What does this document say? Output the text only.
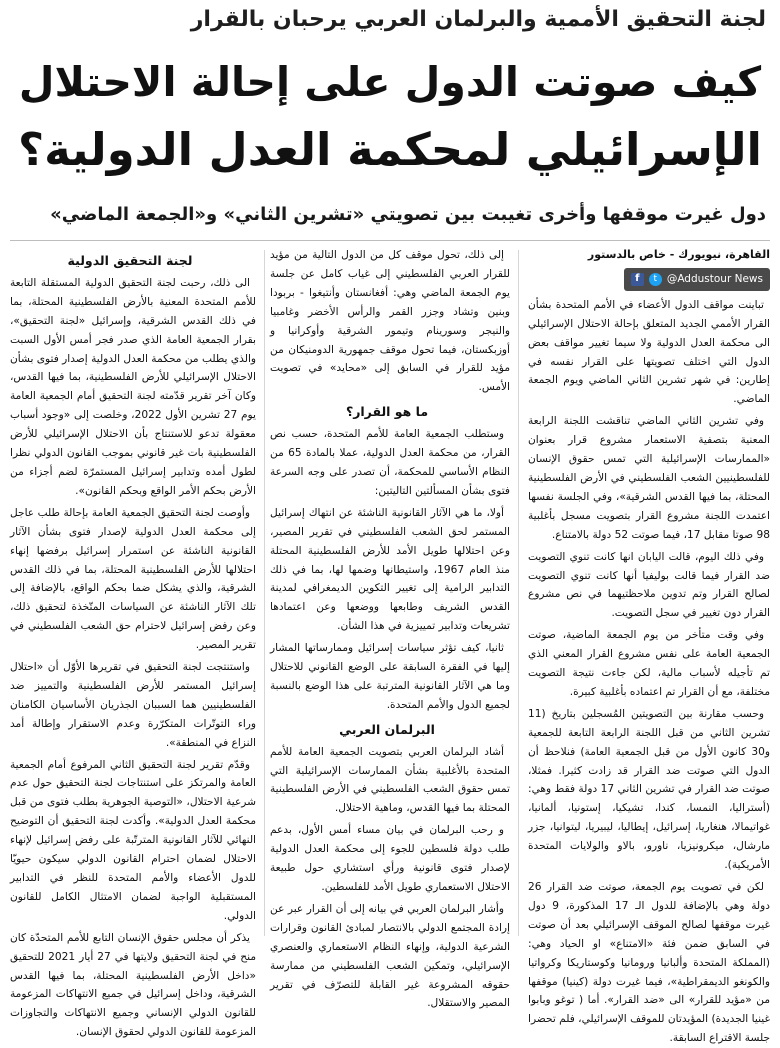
لجنة التحقيق الأممية والبرلمان العربي يرحبان بالقرار
كيف صوتت الدول على إحالة الاحتلال
الإسرائيلي لمحكمة العدل الدولية؟
دول غيرت موقفها وأخرى تغيبت بين تصويتي «تشرين الثاني» و«الجمعة الماضي»

القاهرة، نيويورك - خاص بالدستور

f	t @Addustour News

تباينت مواقف الدول الأعضاء في الأمم المتحدة بشأن القرار الأممي الجديد المتعلق بإحالة الاحتلال الإسرائيلي الى محكمة العدل الدولية ولا سيما تغيير مواقف بعض الدول التي اختلف تصويتها على القرار نفسه في إطارين: في شهر تشرين الثاني الماضي ويوم الجمعة الماضي.

وفي تشرين الثاني الماضي تناقشت اللجنة الرابعة المعنية بتصفية الاستعمار مشروع قرار بعنوان «الممارسات الإسرائيلية التي تمس حقوق الإنسان للفلسطينيين الشعب الفلسطيني في الأرض الفلسطينية المحتلة، بما فيها القدس الشرقية»، وفي الجلسة نفسها اعتمدت اللجنة مشروع القرار بتصويت مسجل بأغلبية 98 صوتا مقابل 17، فيما صوتت 52 دولة بالامتناع.

وفي ذلك اليوم، قالت اليابان انها كانت تنوي التصويت ضد القرار فيما قالت بوليفيا أنها كانت تنوي التصويت لصالح القرار وتم تدوين ملاحظتيهما في نص مشروع القرار دون تغيير في سجل التصويت.

وفي وقت متأخر من يوم الجمعة الماضية، صوتت الجمعية العامة على نفس مشروع القرار المعني الذي تم تأجيله لأسباب مالية، لكن جاءت نتيجة التصويت مختلفة، مع أن القرار تم اعتماده بأغلبية كبيرة.

وحسب مقارنة بين التصويتين المُسجلين بتاريخ (11 تشرين الثاني من قبل اللجنة الرابعة التابعة للجمعية و30 كانون الأول من قبل الجمعية العامة) فنلاحظ أن الدول التي صوتت ضد القرار قد زادت كثيرا. فمثلا، صوتت ضد القرار في تشرين الثاني 17 دولة فقط وهي: (أستراليا، النمسا، كندا، تشيكيا، إستونيا، ألمانيا، غواتيمالا، هنغاريا، إسرائيل، إيطاليا، ليبيريا، ليتوانيا، جزر مارشال، ميكرونيزيا، ناورو، بالاو والولايات المتحدة الأمريكية).

لكن في تصويت يوم الجمعة، صوتت ضد القرار 26 دولة وهي بالإضافة للدول الـ 17 المذكورة، 9 دول غيرت موقفها لصالح الموقف الإسرائيلي بعد أن صوتت في السابق ضمن فئة «الامتناع» او الحياد وهي: (المملكة المتحدة وألبانيا ورومانيا وكوستاريكا وكرواتيا والكونغو الديمقراطية»، فيما غيرت دولة (كينيا) موقفها من «مؤيد للقرار» الى «ضد القرار». أما ( توغو وبابوا غينيا الجديدة) المؤيدتان للموقف الإسرائيلي، فلم تحضرا جلسة الاقتراع السابقة.

إلى ذلك، تحول موقف كل من الدول التالية من مؤيد للقرار العربي الفلسطيني إلى غياب كامل عن جلسة يوم الجمعة الماضي وهي: أفغانستان وأنتيغوا - بربودا وبنين وتشاد وجزر القمر والرأس الأخضر وغامبيا والنيجر وسورينام وتيمور الشرقية وأوكرانيا و أوزبكستان، فيما تحول موقف جمهورية الدومنيكان من مؤيد للقرار في السابق إلى «محايد» في تصويت الأمس.

ما هو القرار؟

وستطلب الجمعية العامة للأمم المتحدة، حسب نص القرار، من محكمة العدل الدولية، عملا بالمادة 65 من النظام الأساسي للمحكمة، أن تصدر على وجه السرعة فتوى بشأن المسألتين التاليتين:

أولا، ما هي الآثار القانونية الناشئة عن انتهاك إسرائيل المستمر لحق الشعب الفلسطيني في تقرير المصير، وعن احتلالها طويل الأمد للأرض الفلسطينية المحتلة منذ العام 1967، واستيطانها وضمها لها، بما في ذلك التدابير الرامية إلى تغيير التكوين الديمغرافي لمدينة القدس الشريف وطابعها ووضعها وعن اعتمادها تشريعات وتدابير تمييزية في هذا الشأن.

ثانيا، كيف تؤثر سياسات إسرائيل وممارساتها المشار إليها في الفقرة السابقة على الوضع القانوني للاحتلال وما هي الآثار القانونية المترتبة على هذا الوضع بالنسبة لجميع الدول والأمم المتحدة.

البرلمان العربي

أشاد البرلمان العربي بتصويت الجمعية العامة للأمم المتحدة بالأغلبية بشأن الممارسات الإسرائيلية التي تمس حقوق الشعب الفلسطيني في الأرض الفلسطينية المحتلة بما فيها القدس، وماهية الاحتلال.

و رحب البرلمان في بيان مساء أمس الأول، بدعم طلب دولة فلسطين للجوء إلى محكمة العدل الدولية لإصدار فتوى قانونية ورأي استشاري حول طبيعة الاحتلال الاستعماري طويل الأمد للفلسطين.

وأشار البرلمان العربي في بيانه إلى أن القرار عبر عن إرادة المجتمع الدولي بالانتصار لمبادئ القانون وقرارات الشرعية الدولية، وإنهاء النظام الاستعماري والعنصري الإسرائيلي، وتمكين الشعب الفلسطيني من ممارسة حقوقه المشروعة غير القابلة للتصرّف في تقرير المصير والاستقلال.

لجنة التحقيق الدولية

الى ذلك، رحبت لجنة التحقيق الدولية المستقلة التابعة للأمم المتحدة المعنية بالأرض الفلسطينية المحتلة، بما في ذلك القدس الشرقية، وإسرائيل «لجنة التحقيق»، بقرار الجمعية العامة الذي صدر فجر أمس الأول السبت والذي يطلب من محكمة العدل الدولية إصدار فتوى بشأن الاحتلال الإسرائيلي للأرض الفلسطينية، بما فيها القدس، وكان آخر تقرير قدّمته لجنة التحقيق أمام الجمعية العامة يوم 27 تشرين الأول 2022، وخلصت إلى «وجود أسباب معقولة تدعو للاستنتاج بأن الاحتلال الإسرائيلي للأرض الفلسطينية بات غير قانوني بموجب القانون الدولي نظرا لطول أمده وتدابير إسرائيل المستمرّة لضم أجزاء من الأرض بحكم الأمر الواقع وبحكم القانون».

وأوصت لجنة التحقيق الجمعية العامة بإحالة طلب عاجل إلى محكمة العدل الدولية لإصدار فتوى بشأن الآثار القانونية الناشئة عن استمرار إسرائيل برفضها إنهاء احتلالها للأرض الفلسطينية المحتلة، بما في ذلك القدس الشرقية، والذي يشكل ضما بحكم الواقع، بالإضافة إلى تلك الآثار الناشئة عن السياسات المتّخذة لتحقيق ذلك، وعن رفض إسرائيل لاحترام حق الشعب الفلسطيني في تقرير المصير.

واستنتجت لجنة التحقيق في تقريرها الأوّل أن «احتلال إسرائيل المستمر للأرض الفلسطينية والتمييز ضد الفلسطينيين هما السببان الجذريان الأساسيان الكامنان وراء التوتّرات المتكرّرة وعدم الاستقرار وإطالة أمد النزاع في المنطقة».

وقدّم تقرير لجنة التحقيق الثاني المرفوع أمام الجمعية العامة والمرتكز على استنتاجات لجنة التحقيق حول عدم شرعية الاحتلال، «التوصية الجوهرية بطلب فتوى من قبل محكمة العدل الدولية». وأكدت لجنة التحقيق أن التوضيح النهائي للآثار القانونية المترتّبة على رفض إسرائيل لإنهاء الاحتلال لضمان احترام القانون الدولي سيكون حيويّا للدول الأعضاء والأمم المتحدة للنظر في التدابير المستقبلية الواجبة لضمان الامتثال الكامل للقانون الدولي.

يذكر أن مجلس حقوق الإنسان التابع للأمم المتحدّة كان منح في لجنة التحقيق ولايتها في 27 أيار 2021 للتحقيق «داخل الأرض الفلسطينية المحتلة، بما فيها القدس الشرقية، وداخل إسرائيل في جميع الانتهاكات المزعومة للقانون الدولي الإنساني وجميع الانتهاكات والتجاوزات المزعومة للقانون الدولي لحقوق الإنسان.
